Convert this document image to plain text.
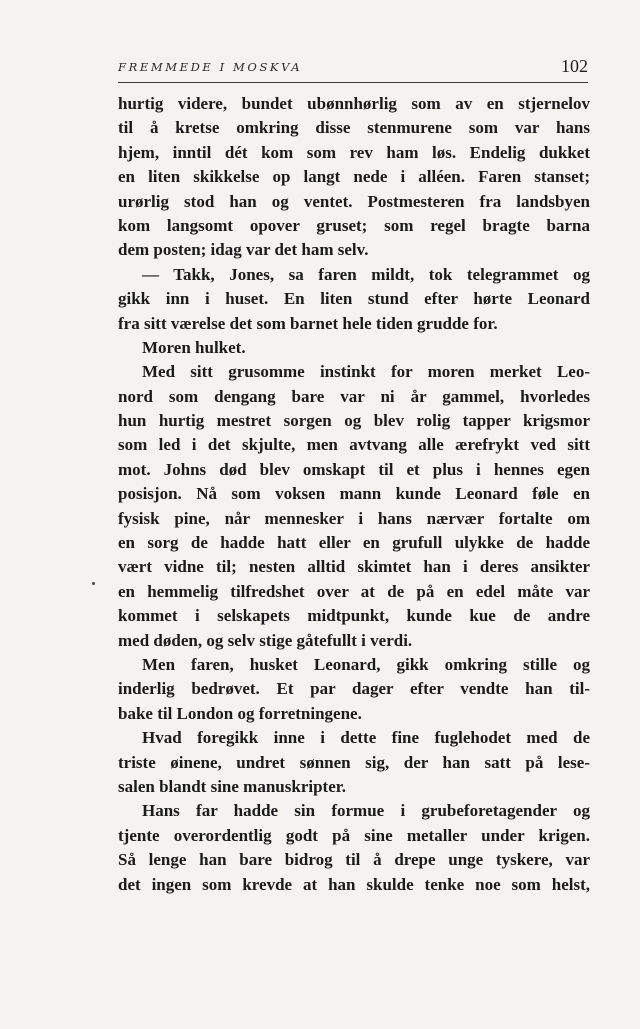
FREMMEDE I MOSKVA	102
hurtig videre, bundet ubønnhørlig som av en stjernelov
til å kretse omkring disse stenmurene som var hans
hjem, inntil dét kom som rev ham løs. Endelig dukket
en liten skikkelse op langt nede i alléen. Faren stanset;
urørlig stod han og ventet. Postmesteren fra landsbyen
kom langsomt opover gruset; som regel bragte barna
dem posten; idag var det ham selv.
— Takk, Jones, sa faren mildt, tok telegrammet og
gikk inn i huset. En liten stund efter hørte Leonard
fra sitt værelse det som barnet hele tiden grudde for.
Moren hulket.
Med sitt grusomme instinkt for moren merket Leo-
nord som dengang bare var ni år gammel, hvorledes
hun hurtig mestret sorgen og blev rolig tapper krigsmor
som led i det skjulte, men avtvang alle ærefrykt ved sitt
mot. Johns død blev omskapt til et plus i hennes egen
posisjon. Nå som voksen mann kunde Leonard føle en
fysisk pine, når mennesker i hans nærvær fortalte om
en sorg de hadde hatt eller en grufull ulykke de hadde
vært vidne til; nesten alltid skimtet han i deres ansikter
en hemmelig tilfredshet over at de på en edel måte var
kommet i selskapets midtpunkt, kunde kue de andre
med døden, og selv stige gåtefullt i verdi.
Men faren, husket Leonard, gikk omkring stille og
inderlig bedrøvet. Et par dager efter vendte han til-
bake til London og forretningene.
Hvad foregikk inne i dette fine fuglehodet med de
triste øinene, undret sønnen sig, der han satt på lese-
salen blandt sine manuskripter.
Hans far hadde sin formue i grubeforetagender og
tjente overordentlig godt på sine metaller under krigen.
Så lenge han bare bidrog til å drepe unge tyskere, var
det ingen som krevde at han skulde tenke noe som helst,
